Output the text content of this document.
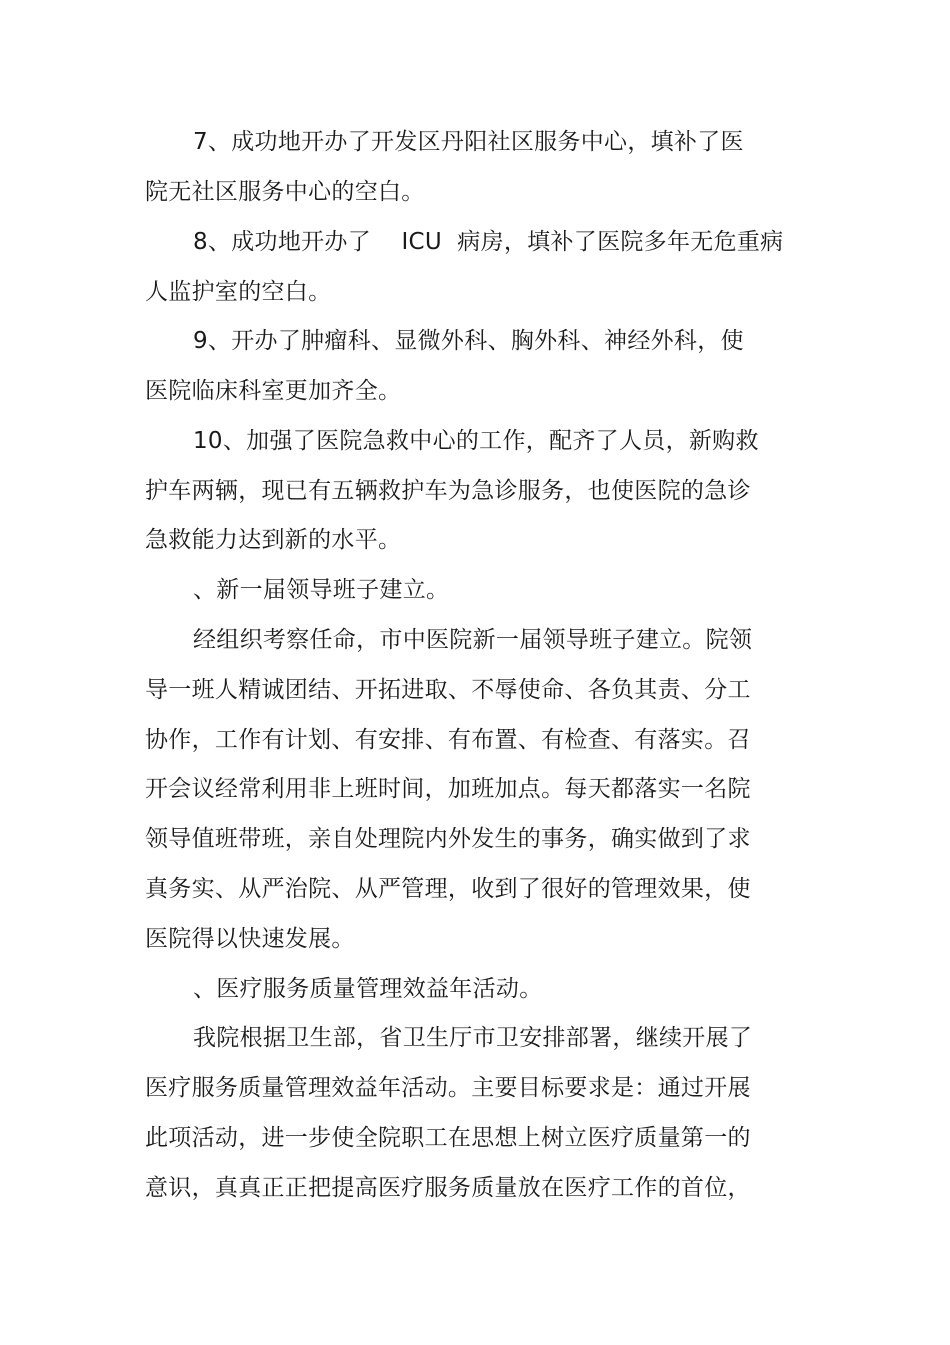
7、成功地开办了开发区丹阳社区服务中心，填补了医
院无社区服务中心的空白。
8、成功地开办了    ICU  病房，填补了医院多年无危重病
人监护室的空白。
9、开办了肿瘤科、显微外科、胸外科、神经外科，使
医院临床科室更加齐全。
10、加强了医院急救中心的工作，配齐了人员，新购救
护车两辆，现已有五辆救护车为急诊服务，也使医院的急诊
急救能力达到新的水平。
、新一届领导班子建立。
经组织考察任命，市中医院新一届领导班子建立。院领
导一班人精诚团结、开拓进取、不辱使命、各负其责、分工
协作，工作有计划、有安排、有布置、有检查、有落实。召
开会议经常利用非上班时间，加班加点。每天都落实一名院
领导值班带班，亲自处理院内外发生的事务，确实做到了求
真务实、从严治院、从严管理，收到了很好的管理效果，使
医院得以快速发展。
、医疗服务质量管理效益年活动。
我院根据卫生部，省卫生厅市卫安排部署，继续开展了
医疗服务质量管理效益年活动。主要目标要求是：通过开展
此项活动，进一步使全院职工在思想上树立医疗质量第一的
意识，真真正正把提高医疗服务质量放在医疗工作的首位，
